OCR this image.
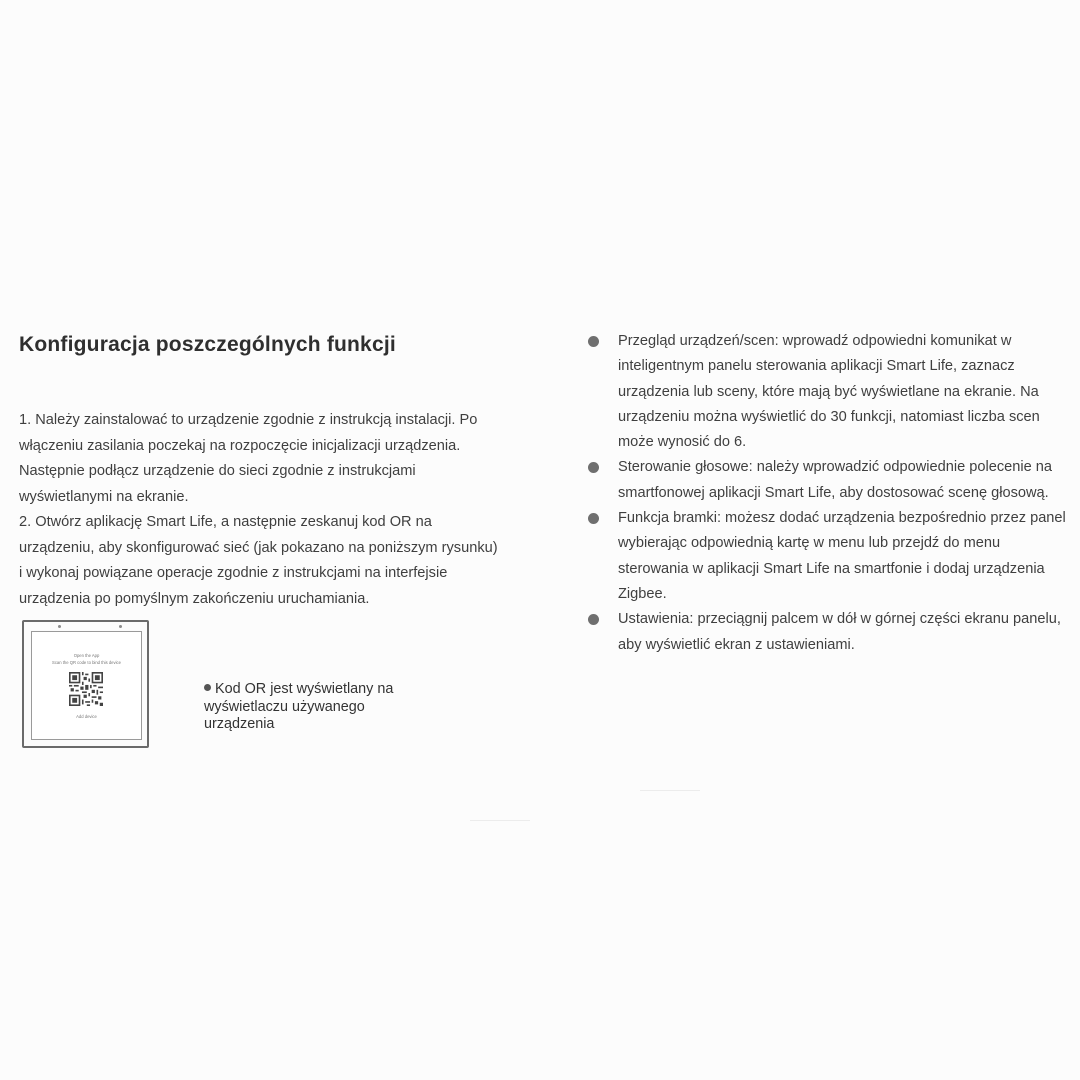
Konfiguracja poszczególnych funkcji
1. Należy zainstalować to urządzenie zgodnie z instrukcją instalacji. Po
włączeniu zasilania poczekaj na rozpoczęcie inicjalizacji urządzenia.
Następnie podłącz urządzenie do sieci zgodnie z instrukcjami
wyświetlanymi na ekranie.
2. Otwórz aplikację Smart Life, a następnie zeskanuj kod OR na
urządzeniu, aby skonfigurować sieć (jak pokazano na poniższym rysunku)
i wykonaj powiązane operacje zgodnie z instrukcjami na interfejsie
urządzenia po pomyślnym zakończeniu uruchamiania.
Open the App
Scan the QR code to bind this device
Add device
Kod OR jest wyświetlany na wyświetlaczu używanego urządzenia
Przegląd urządzeń/scen: wprowadź odpowiedni komunikat w inteligentnym panelu sterowania aplikacji Smart Life, zaznacz urządzenia lub sceny, które mają być wyświetlane na ekranie. Na urządzeniu można wyświetlić do 30 funkcji, natomiast liczba scen może wynosić do 6.
Sterowanie głosowe: należy wprowadzić odpowiednie polecenie na smartfonowej aplikacji Smart Life, aby dostosować scenę głosową.
Funkcja bramki: możesz dodać urządzenia bezpośrednio przez panel wybierając odpowiednią kartę w menu lub przejdź do menu sterowania w aplikacji Smart Life na smartfonie i dodaj urządzenia Zigbee.
Ustawienia: przeciągnij palcem w dół w górnej części ekranu panelu, aby wyświetlić ekran z ustawieniami.
